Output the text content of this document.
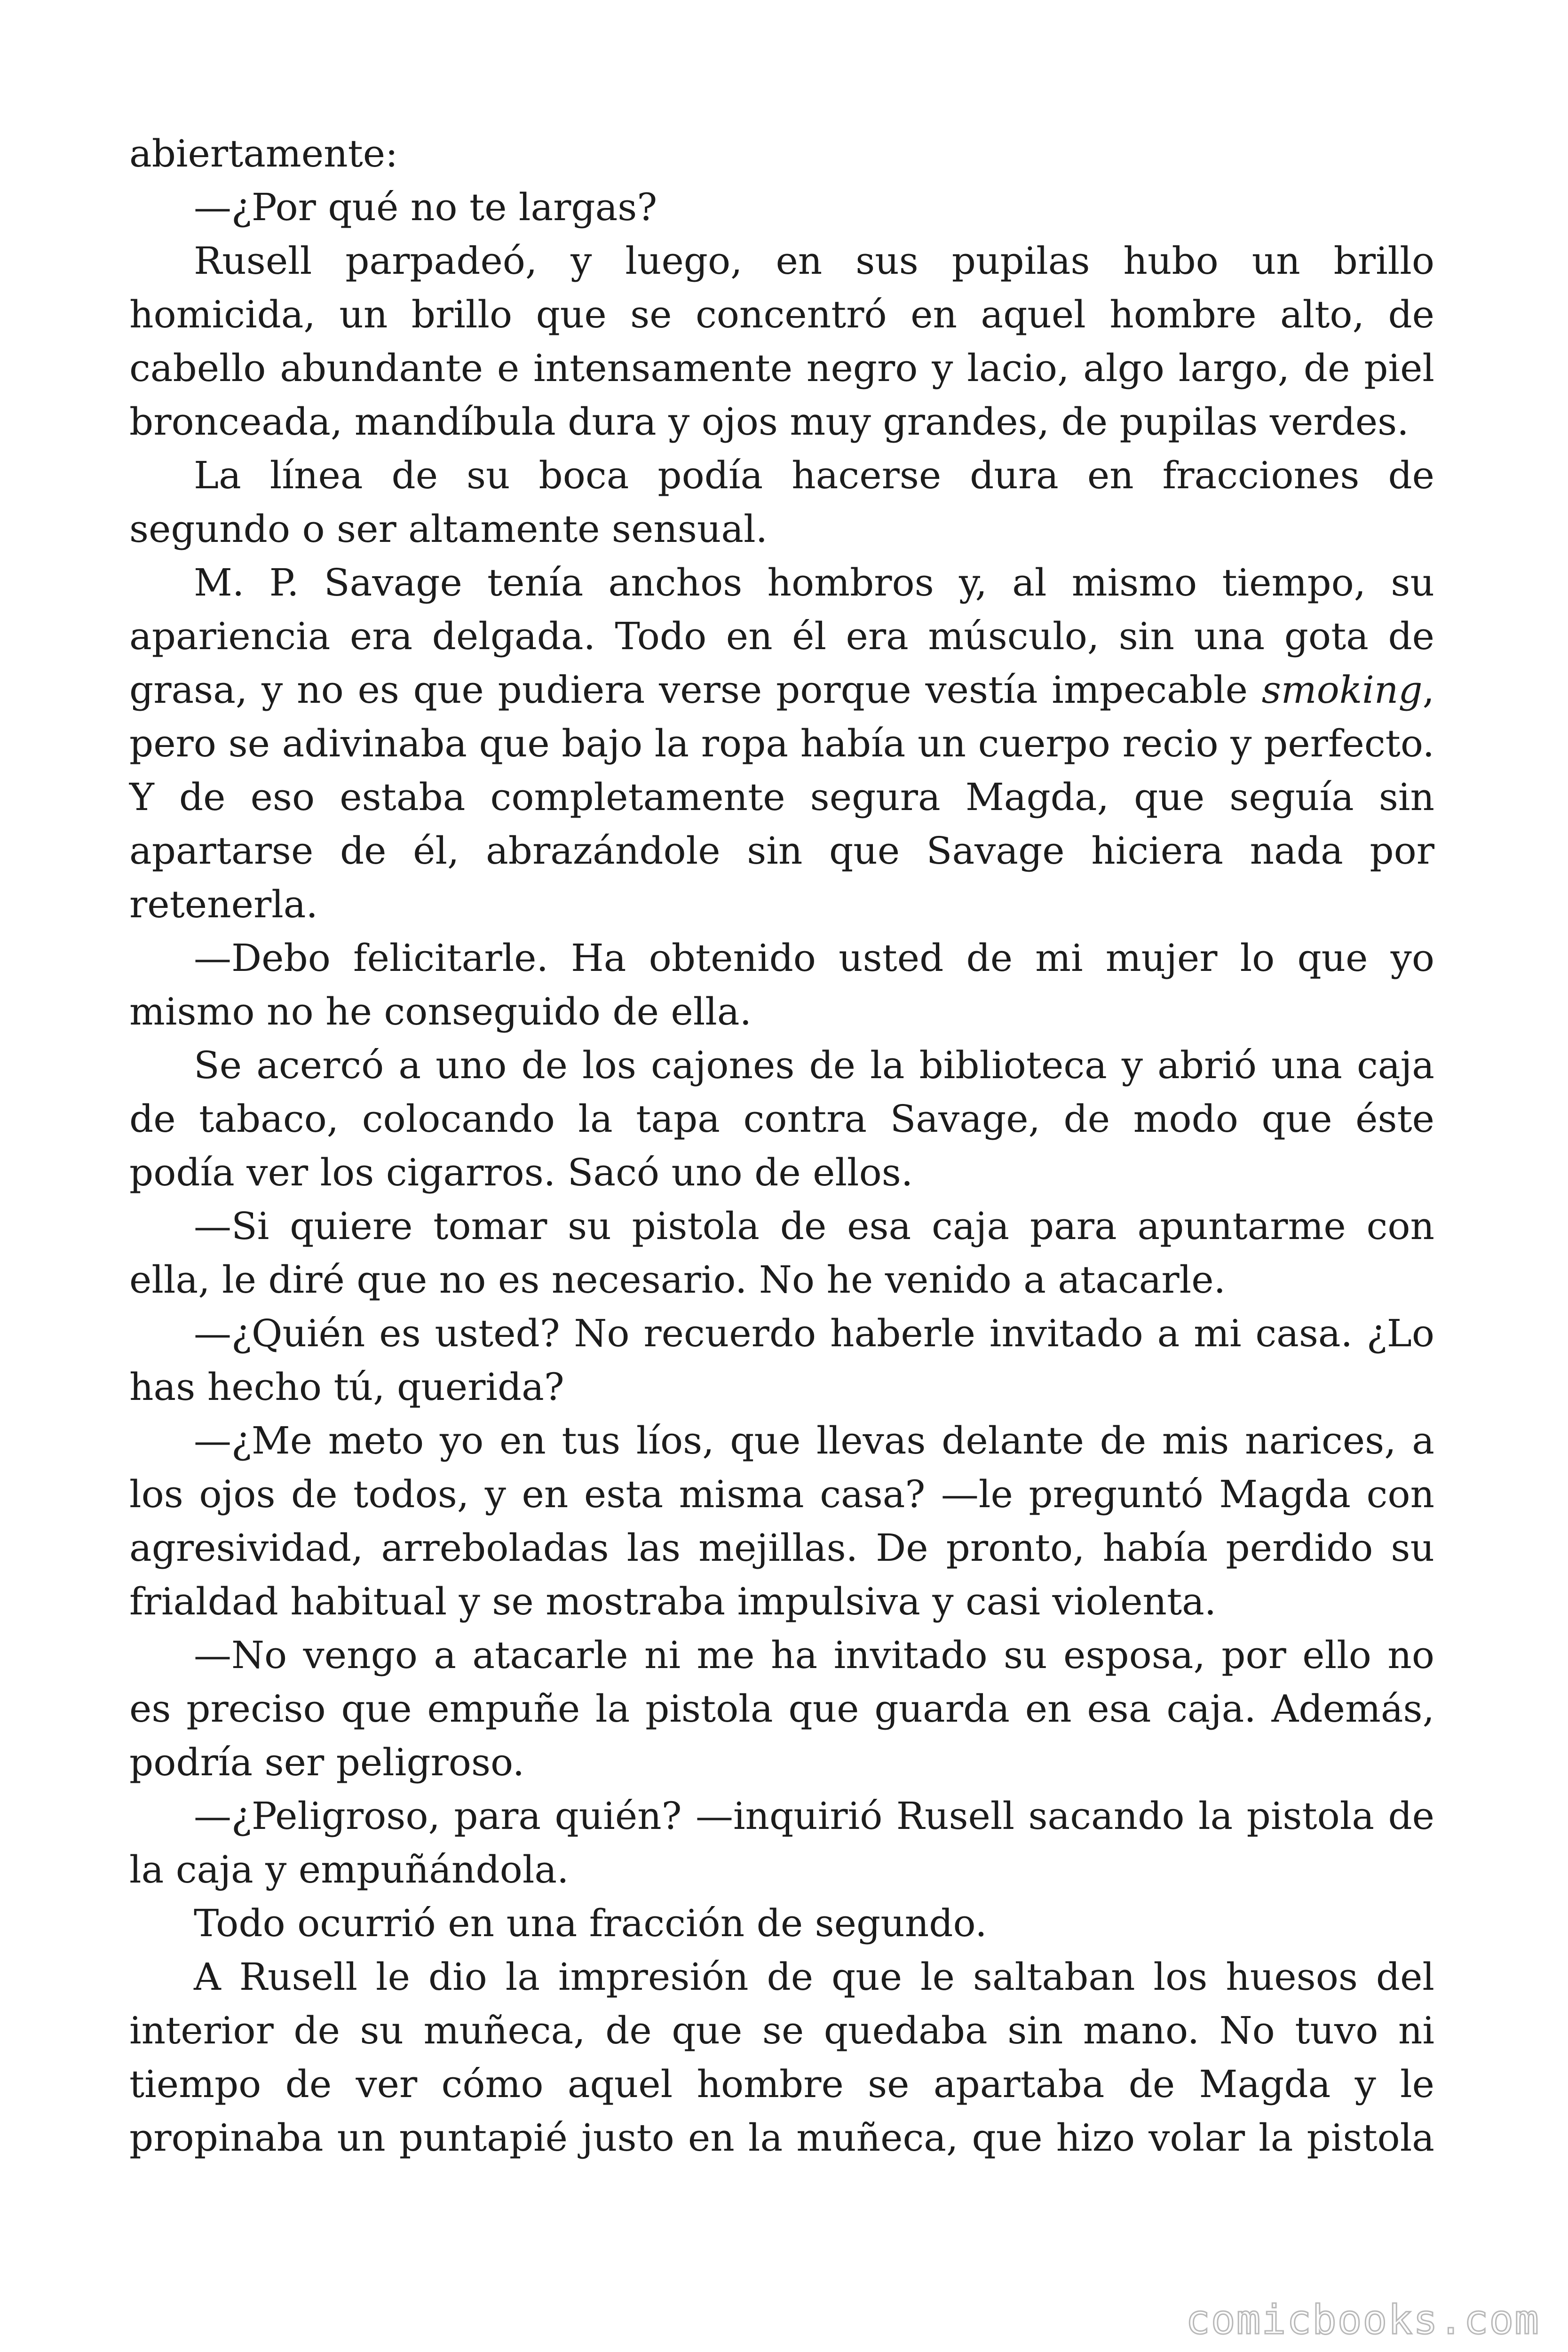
abiertamente:

—¿Por qué no te largas?

Rusell parpadeó, y luego, en sus pupilas hubo un brillo homicida, un brillo que se concentró en aquel hombre alto, de cabello abundante e intensamente negro y lacio, algo largo, de piel bronceada, mandíbula dura y ojos muy grandes, de pupilas verdes.

La línea de su boca podía hacerse dura en fracciones de segundo o ser altamente sensual.

M. P. Savage tenía anchos hombros y, al mismo tiempo, su apariencia era delgada. Todo en él era músculo, sin una gota de grasa, y no es que pudiera verse porque vestía impecable smoking, pero se adivinaba que bajo la ropa había un cuerpo recio y perfecto. Y de eso estaba completamente segura Magda, que seguía sin apartarse de él, abrazándole sin que Savage hiciera nada por retenerla.

—Debo felicitarle. Ha obtenido usted de mi mujer lo que yo mismo no he conseguido de ella.

Se acercó a uno de los cajones de la biblioteca y abrió una caja de tabaco, colocando la tapa contra Savage, de modo que éste podía ver los cigarros. Sacó uno de ellos.

—Si quiere tomar su pistola de esa caja para apuntarme con ella, le diré que no es necesario. No he venido a atacarle.

—¿Quién es usted? No recuerdo haberle invitado a mi casa. ¿Lo has hecho tú, querida?

—¿Me meto yo en tus líos, que llevas delante de mis narices, a los ojos de todos, y en esta misma casa? —le preguntó Magda con agresividad, arreboladas las mejillas. De pronto, había perdido su frialdad habitual y se mostraba impulsiva y casi violenta.

—No vengo a atacarle ni me ha invitado su esposa, por ello no es preciso que empuñe la pistola que guarda en esa caja. Además, podría ser peligroso.

—¿Peligroso, para quién? —inquirió Rusell sacando la pistola de la caja y empuñándola.

Todo ocurrió en una fracción de segundo.

A Rusell le dio la impresión de que le saltaban los huesos del interior de su muñeca, de que se quedaba sin mano. No tuvo ni tiempo de ver cómo aquel hombre se apartaba de Magda y le propinaba un puntapié justo en la muñeca, que hizo volar la pistola

comicbooks.com
